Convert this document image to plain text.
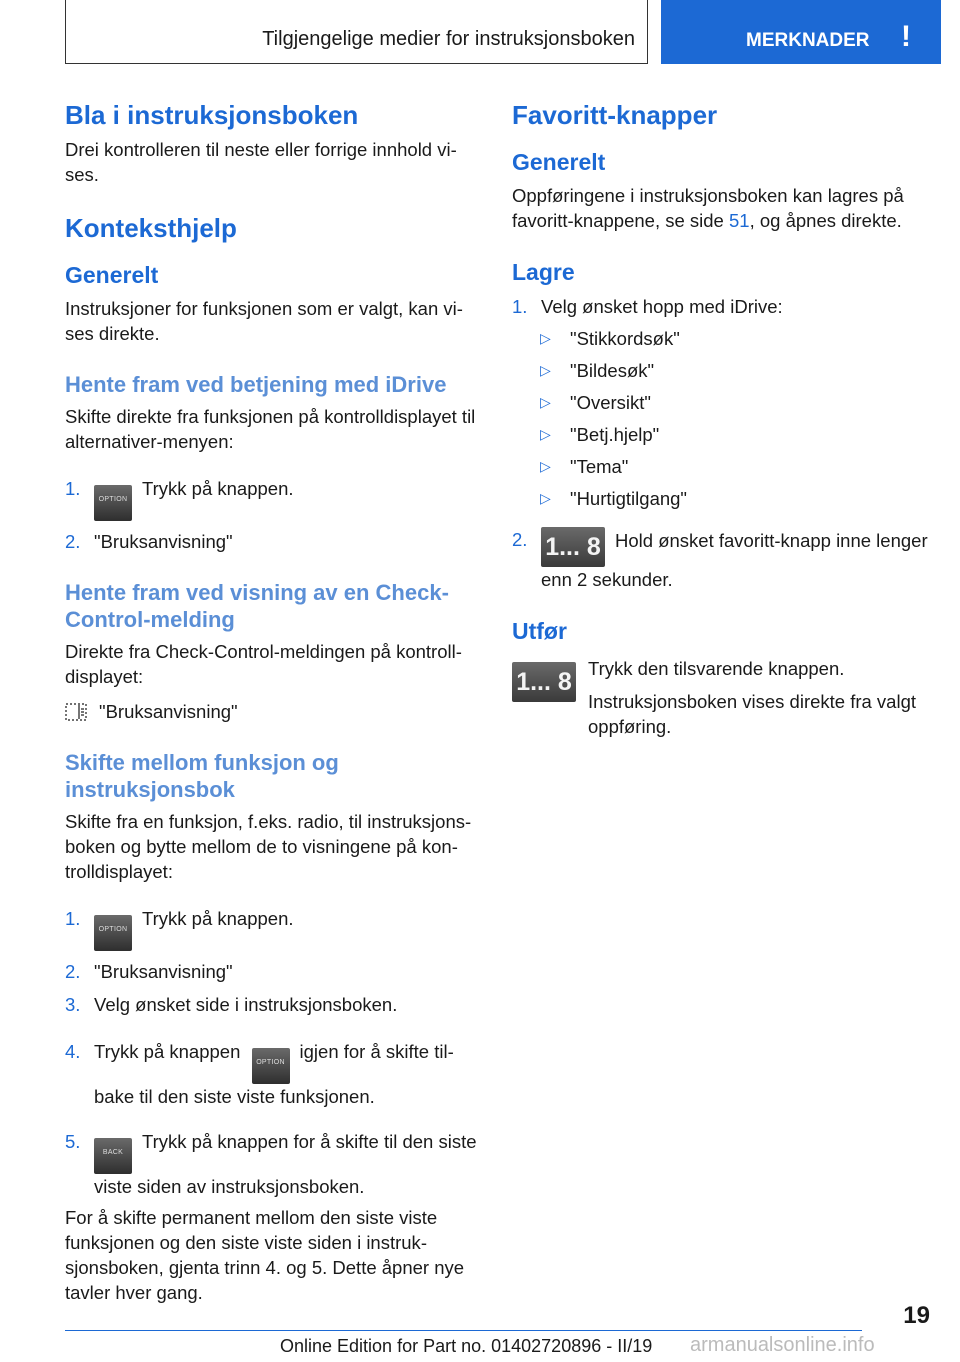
Tilgjengelige medier for instruksjonsboken	MERKNADER !
Bla i instruksjonsboken

Drei kontrolleren til neste eller forrige innhold vises.

Konteksthjelp
Generelt

Instruksjoner for funksjonen som er valgt, kan vises direkte.

Hente fram ved betjening med iDrive

Skifte direkte fra funksjonen på kontrolldisplayet til alternativer-menyen:

1.
OPTIONTrykk på knappen.
2. "Bruksanvisning"
Hente fram ved visning av en Check-Control-melding

Direkte fra Check-Control-meldingen på kontrolldisplayet:

"Bruksanvisning"

Skifte mellom funksjon og instruksjonsbok

Skifte fra en funksjon, f.eks. radio, til instruksjonsboken og bytte mellom de to visningene på kontrolldisplayet:

1.
OPTIONTrykk på knappen.
2. "Bruksanvisning"
3. Velg ønsket side i instruksjonsboken.
4. Trykk på knappen OPTIONigjen for å skifte tilbake til den siste viste funksjonen.
5.
BACKTrykk på knappen for å skifte til den siste viste siden av instruksjonsboken.

For å skifte permanent mellom den siste viste funksjonen og den siste viste siden i instruksjonsboken, gjenta trinn 4. og 5. Dette åpner nye tavler hver gang.

Favoritt-knapper
Generelt

Oppføringene i instruksjonsboken kan lagres på favoritt-knappene, se side 51, og åpnes direkte.

Lagre
1. Velg ønsket hopp med iDrive:
▷ "Stikkordsøk"
▷ "Bildesøk"
▷ "Oversikt"
▷ "Betj.hjelp"
▷ "Tema"
▷ "Hurtigtilgang"
2. 1... 8 Hold ønsket favoritt-knapp inne lenger enn 2 sekunder.
Utfør
1... 8 Trykk den tilsvarende knappen.

Instruksjonsboken vises direkte fra valgt oppføring.

19
Online Edition for Part no. 01402720896 - II/19 armanualsonline.info
